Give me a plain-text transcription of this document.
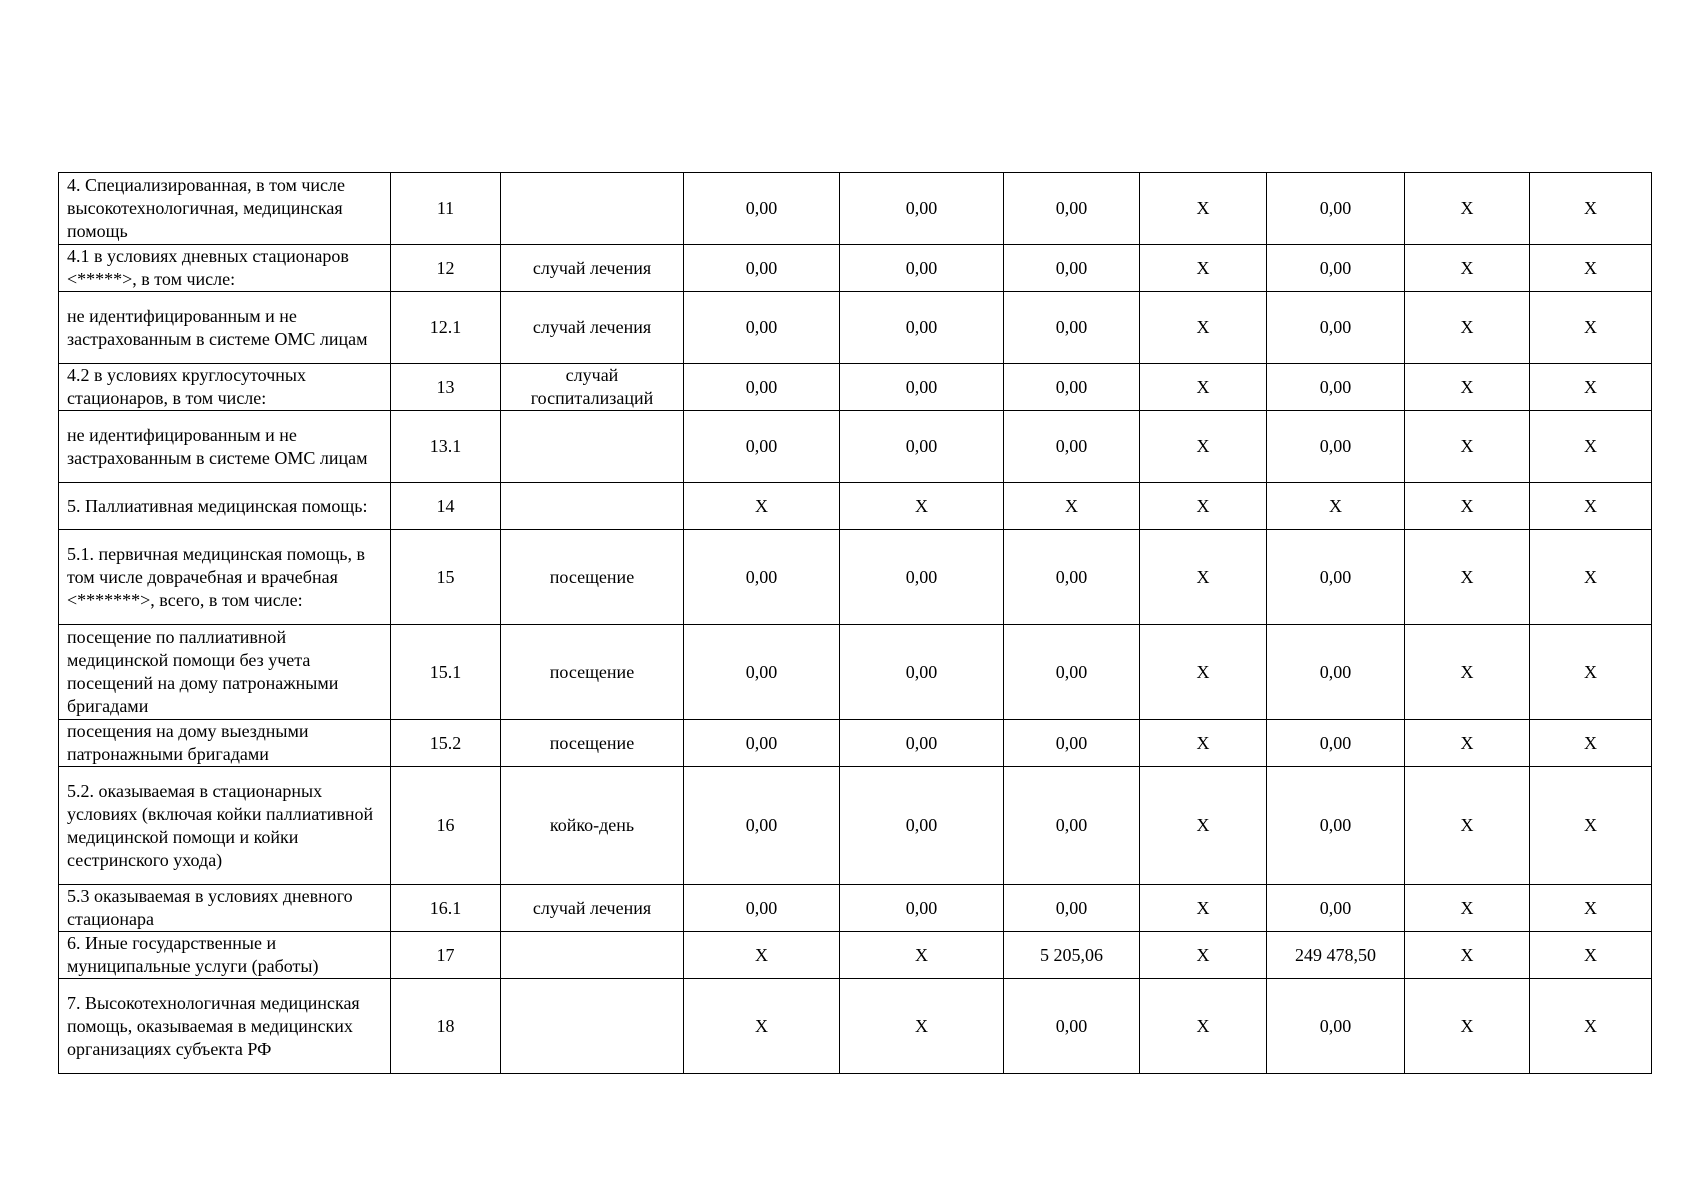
4. Специализированная, в том числе высокотехнологичная, медицинская помощь	11		0,00	0,00	0,00	X	0,00	X	X
4.1 в условиях дневных стационаров <*****>, в том числе:	12	случай лечения	0,00	0,00	0,00	X	0,00	X	X
не идентифицированным и не застрахованным в системе ОМС лицам	12.1	случай лечения	0,00	0,00	0,00	X	0,00	X	X
4.2 в условиях круглосуточных стационаров, в том числе:	13	случай госпитализаций	0,00	0,00	0,00	X	0,00	X	X
не идентифицированным и не застрахованным в системе ОМС лицам	13.1		0,00	0,00	0,00	X	0,00	X	X
5. Паллиативная медицинская помощь:	14		X	X	X	X	X	X	X
5.1. первичная медицинская помощь, в том числе доврачебная и врачебная <*******>, всего, в том числе:	15	посещение	0,00	0,00	0,00	X	0,00	X	X
посещение по паллиативной медицинской помощи без учета посещений на дому патронажными бригадами	15.1	посещение	0,00	0,00	0,00	X	0,00	X	X
посещения на дому выездными патронажными бригадами	15.2	посещение	0,00	0,00	0,00	X	0,00	X	X
5.2. оказываемая в стационарных условиях (включая койки паллиативной медицинской помощи и койки сестринского ухода)	16	койко-день	0,00	0,00	0,00	X	0,00	X	X
5.3 оказываемая в условиях дневного стационара	16.1	случай лечения	0,00	0,00	0,00	X	0,00	X	X
6. Иные государственные и муниципальные услуги (работы)	17		X	X	5 205,06	X	249 478,50	X	X
7. Высокотехнологичная медицинская помощь, оказываемая в медицинских организациях субъекта РФ	18		X	X	0,00	X	0,00	X	X
